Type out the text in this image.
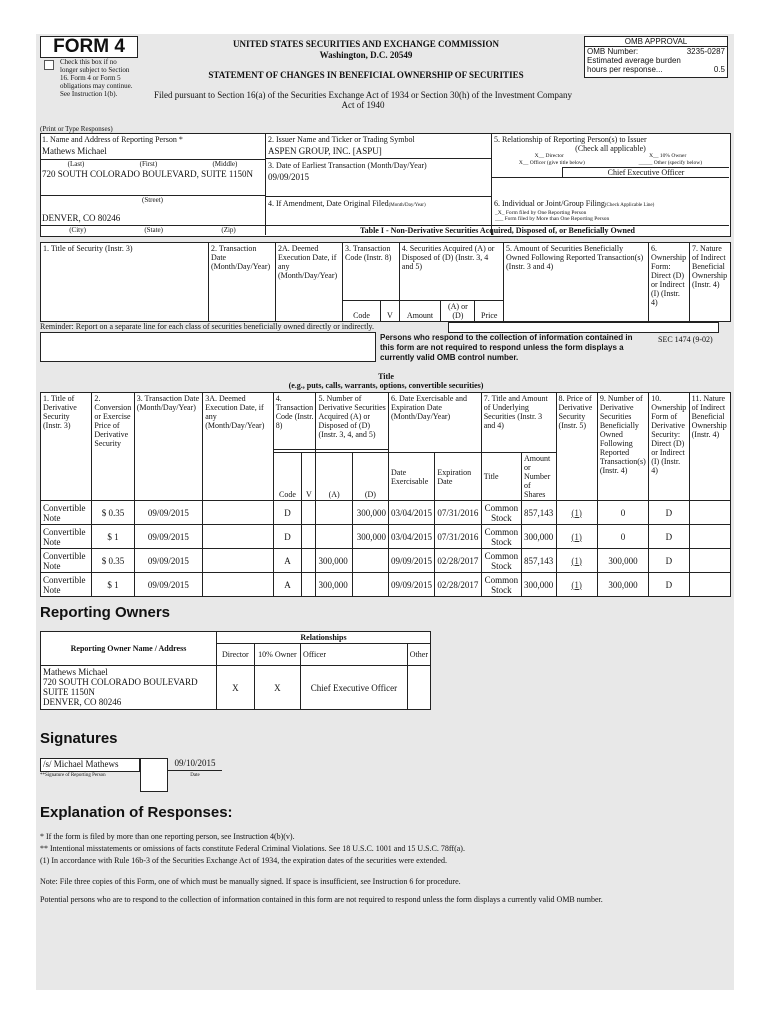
FORM 4
Check this box if no longer subject to Section 16. Form 4 or Form 5 obligations may continue. See Instruction 1(b).
UNITED STATES SECURITIES AND EXCHANGE COMMISSION
Washington, D.C. 20549
STATEMENT OF CHANGES IN BENEFICIAL OWNERSHIP OF SECURITIES
Filed pursuant to Section 16(a) of the Securities Exchange Act of 1934 or Section 30(h) of the Investment Company Act of 1940
OMB APPROVAL
OMB Number:	3235-0287
Estimated average burden
hours per response...	0.5
(Print or Type Responses)
1. Name and Address of Reporting Person *
Mathews Michael
(Last)	(First)	(Middle)
720 SOUTH COLORADO BOULEVARD, SUITE 1150N
(Street)
DENVER, CO 80246
(City)	(State)	(Zip)
2. Issuer Name and Ticker or Trading Symbol
ASPEN GROUP, INC. [ASPU]
3. Date of Earliest Transaction (Month/Day/Year)
09/09/2015
4. If Amendment, Date Original Filed(Month/Day/Year)
5. Relationship of Reporting Person(s) to Issuer
(Check all applicable)
X__ Director	X__ 10% Owner
X__ Officer (give title below)	_____ Other (specify below)
Chief Executive Officer
6. Individual or Joint/Group Filing(Check Applicable Line)
_X_ Form filed by One Reporting Person
___ Form filed by More than One Reporting Person
Table I - Non-Derivative Securities Acquired, Disposed of, or Beneficially Owned
1. Title of Security (Instr. 3)	2. Transaction Date (Month/Day/Year)	2A. Deemed Execution Date, if any (Month/Day/Year)	3. Transaction Code (Instr. 8)		4. Securities Acquired (A) or Disposed of (D) (Instr. 3, 4 and 5)			5. Amount of Securities Beneficially Owned Following Reported Transaction(s) (Instr. 3 and 4)	6. Ownership Form: Direct (D) or Indirect (I) (Instr. 4)	7. Nature of Indirect Beneficial Ownership (Instr. 4)
			Code	V	Amount	(A) or (D)	Price			
Reminder: Report on a separate line for each class of securities beneficially owned directly or indirectly.
Persons who respond to the collection of information contained in this form are not required to respond unless the form displays a currently valid OMB control number.
SEC 1474 (9-02)
Title
(e.g., puts, calls, warrants, options, convertible securities)
1. Title of Derivative Security (Instr. 3)	2. Conversion or Exercise Price of Derivative Security	3. Transaction Date (Month/Day/Year)	3A. Deemed Execution Date, if any (Month/Day/Year)	4. Transaction Code (Instr. 8)		5. Number of Derivative Securities Acquired (A) or Disposed of (D) (Instr. 3, 4, and 5)		6. Date Exercisable and Expiration Date (Month/Day/Year)		7. Title and Amount of Underlying Securities (Instr. 3 and 4)		8. Price of Derivative Security (Instr. 5)	9. Number of Derivative Securities Beneficially Owned Following Reported Transaction(s) (Instr. 4)	10. Ownership Form of Derivative Security: Direct (D) or Indirect (I) (Instr. 4)	11. Nature of Indirect Beneficial Ownership (Instr. 4)

				Code	V	(A)	(D)	Date Exercisable	Expiration Date	Title	Amount or Number of Shares				
Convertible Note	$ 0.35	09/09/2015		D			300,000	03/04/2015	07/31/2016	Common Stock	857,143	(1)	0	D	
Convertible Note	$ 1	09/09/2015		D			300,000	03/04/2015	07/31/2016	Common Stock	300,000	(1)	0	D	
Convertible Note	$ 0.35	09/09/2015		A		300,000		09/09/2015	02/28/2017	Common Stock	857,143	(1)	300,000	D	
Convertible Note	$ 1	09/09/2015		A		300,000		09/09/2015	02/28/2017	Common Stock	300,000	(1)	300,000	D	
Reporting Owners
Reporting Owner Name / Address	Relationships			
	Director	10% Owner	Officer	Other

Mathews Michael
720 SOUTH COLORADO BOULEVARD
SUITE 1150N
DENVER, CO 80246	X	X	Chief Executive Officer	
Signatures
/s/ Michael Mathews
**Signature of Reporting Person
09/10/2015
Date
Explanation of Responses:
* If the form is filed by more than one reporting person, see Instruction 4(b)(v).
** Intentional misstatements or omissions of facts constitute Federal Criminal Violations. See 18 U.S.C. 1001 and 15 U.S.C. 78ff(a).
(1) In accordance with Rule 16b-3 of the Securities Exchange Act of 1934, the expiration dates of the securities were extended.
Note: File three copies of this Form, one of which must be manually signed. If space is insufficient, see Instruction 6 for procedure.
Potential persons who are to respond to the collection of information contained in this form are not required to respond unless the form displays a currently valid OMB number.
